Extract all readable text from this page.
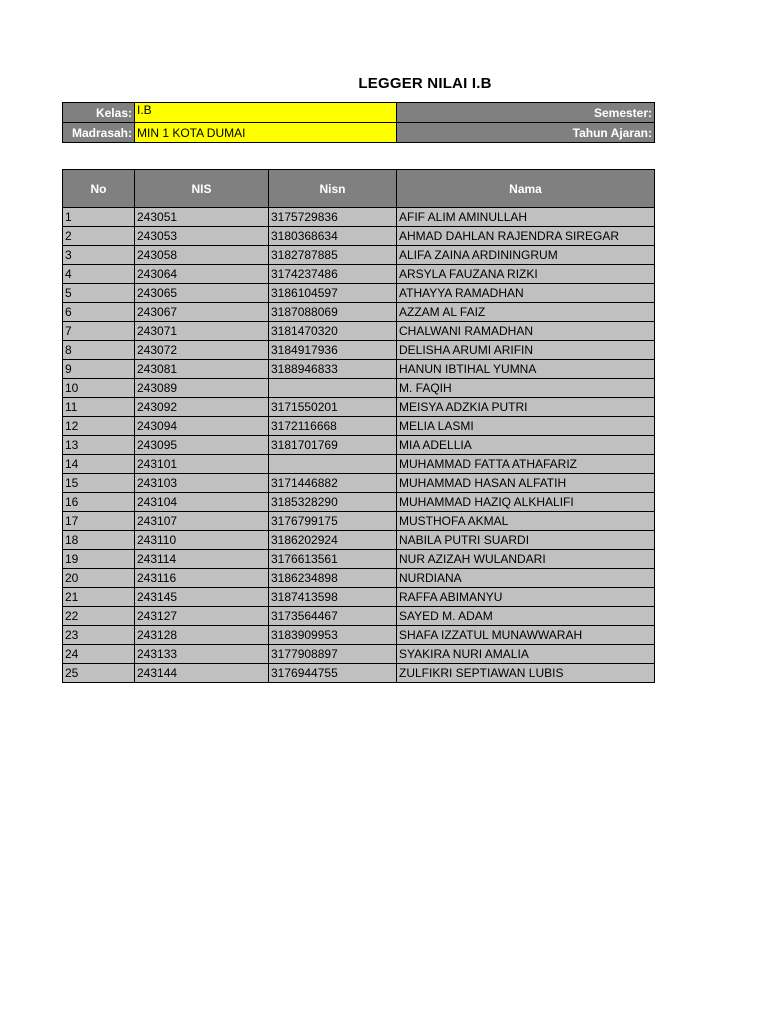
LEGGER NILAI I.B
Kelas:	I.B	Semester:
Madrasah:	MIN 1 KOTA DUMAI	Tahun Ajaran:
No	NIS	Nisn	Nama
1	243051	3175729836	AFIF ALIM AMINULLAH
2	243053	3180368634	AHMAD DAHLAN RAJENDRA SIREGAR
3	243058	3182787885	ALIFA ZAINA ARDININGRUM
4	243064	3174237486	ARSYLA FAUZANA RIZKI
5	243065	3186104597	ATHAYYA RAMADHAN
6	243067	3187088069	AZZAM AL FAIZ
7	243071	3181470320	CHALWANI RAMADHAN
8	243072	3184917936	DELISHA ARUMI ARIFIN
9	243081	3188946833	HANUN IBTIHAL YUMNA
10	243089		M. FAQIH
11	243092	3171550201	MEISYA ADZKIA PUTRI
12	243094	3172116668	MELIA LASMI
13	243095	3181701769	MIA ADELLIA
14	243101		MUHAMMAD FATTA ATHAFARIZ
15	243103	3171446882	MUHAMMAD HASAN ALFATIH
16	243104	3185328290	MUHAMMAD HAZIQ ALKHALIFI
17	243107	3176799175	MUSTHOFA AKMAL
18	243110	3186202924	NABILA PUTRI SUARDI
19	243114	3176613561	NUR AZIZAH WULANDARI
20	243116	3186234898	NURDIANA
21	243145	3187413598	RAFFA ABIMANYU
22	243127	3173564467	SAYED M. ADAM
23	243128	3183909953	SHAFA IZZATUL MUNAWWARAH
24	243133	3177908897	SYAKIRA NURI AMALIA
25	243144	3176944755	ZULFIKRI SEPTIAWAN LUBIS
